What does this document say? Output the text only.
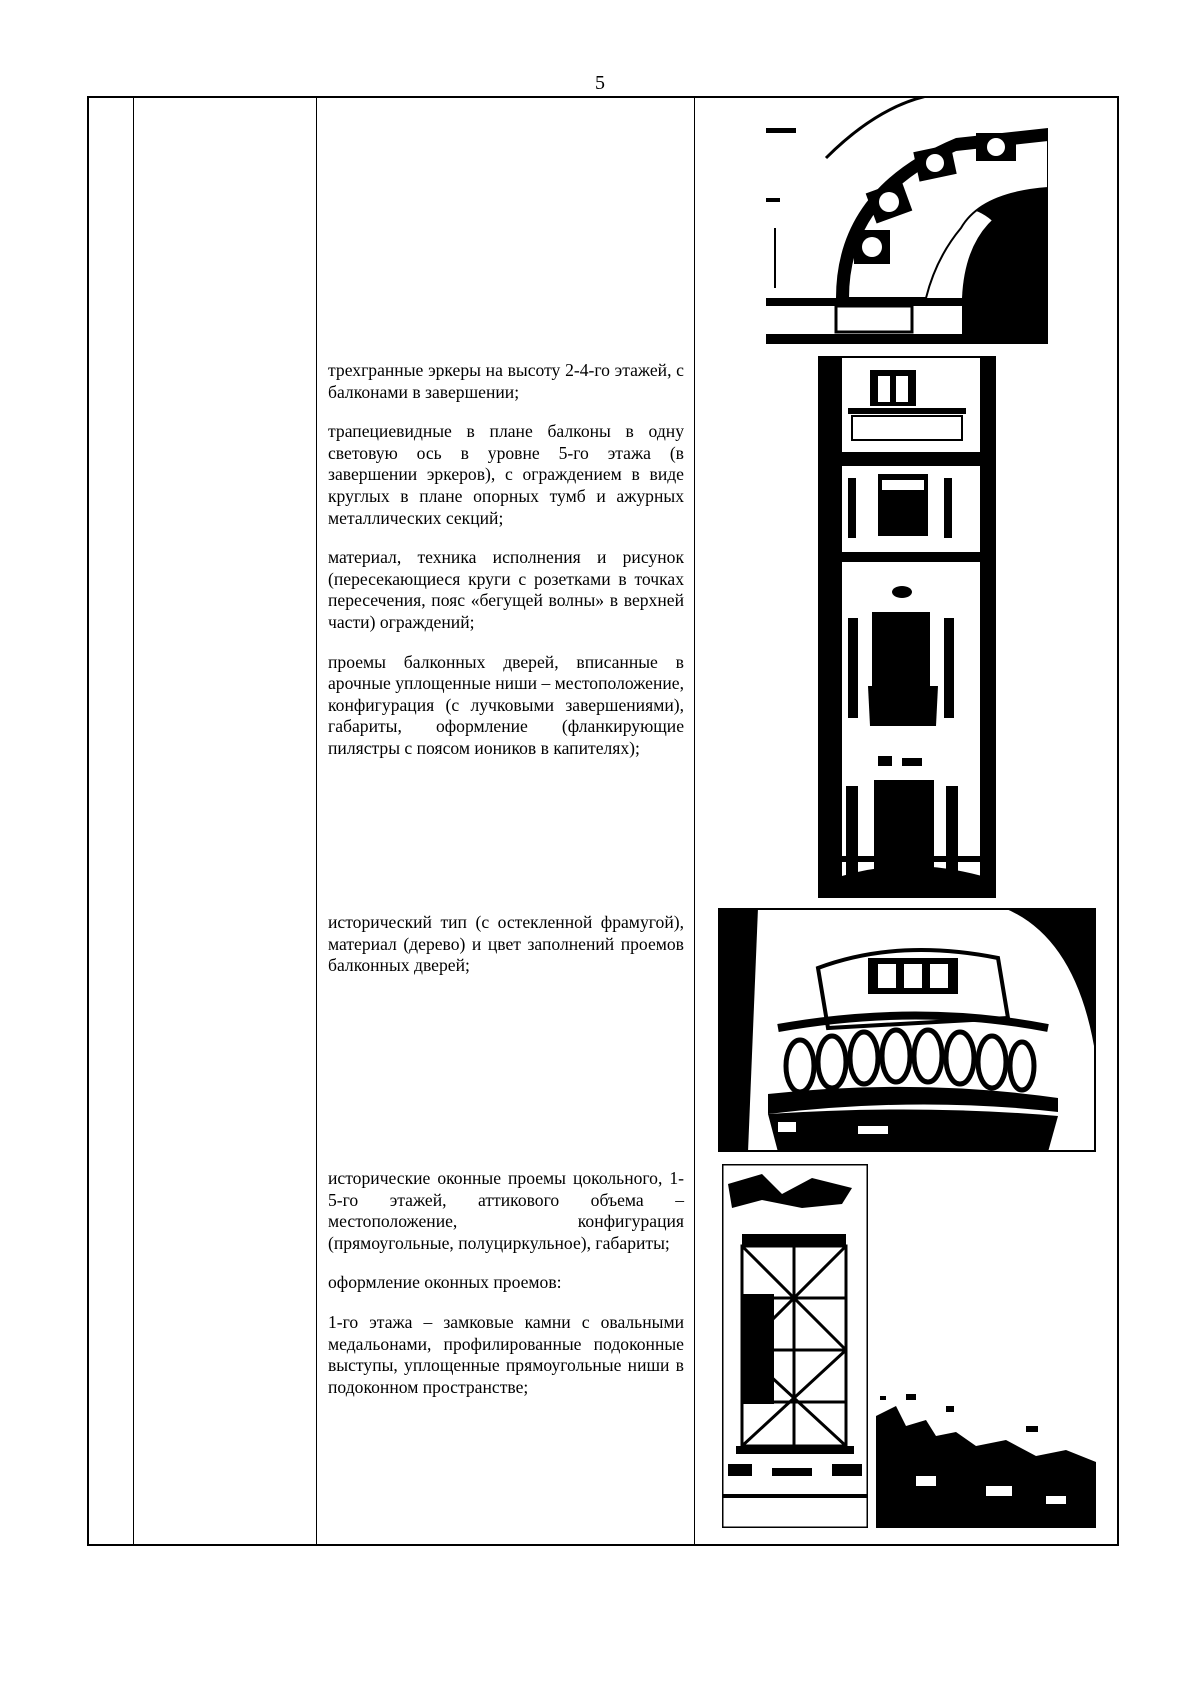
5

трехгранные эркеры на высоту 2-4-го этажей, с балконами в завершении;

трапециевидные в плане балконы в одну световую ось в уровне 5-го этажа (в завершении эркеров), с ограждением в виде круглых в плане опорных тумб и ажурных металлических секций;

материал, техника исполнения и рисунок (пересекающиеся круги с розетками в точках пересечения, пояс «бегущей волны» в верхней части) ограждений;

проемы балконных дверей, вписанные в арочные уплощенные ниши – местоположение, конфигурация (с лучковыми завершениями), габариты, оформление (фланкирующие пилястры с поясом иоников в капителях);

исторический тип (с остекленной фрамугой), материал (дерево) и цвет заполнений проемов балконных дверей;

исторические оконные проемы цокольного, 1-5-го этажей, аттикового объема – местоположение, конфигурация (прямоугольные, полуциркульное), габариты;

оформление оконных проемов:

1-го этажа – замковые камни с овальными медальонами, профилированные подоконные выступы, уплощенные прямоугольные ниши в подоконном пространстве;
